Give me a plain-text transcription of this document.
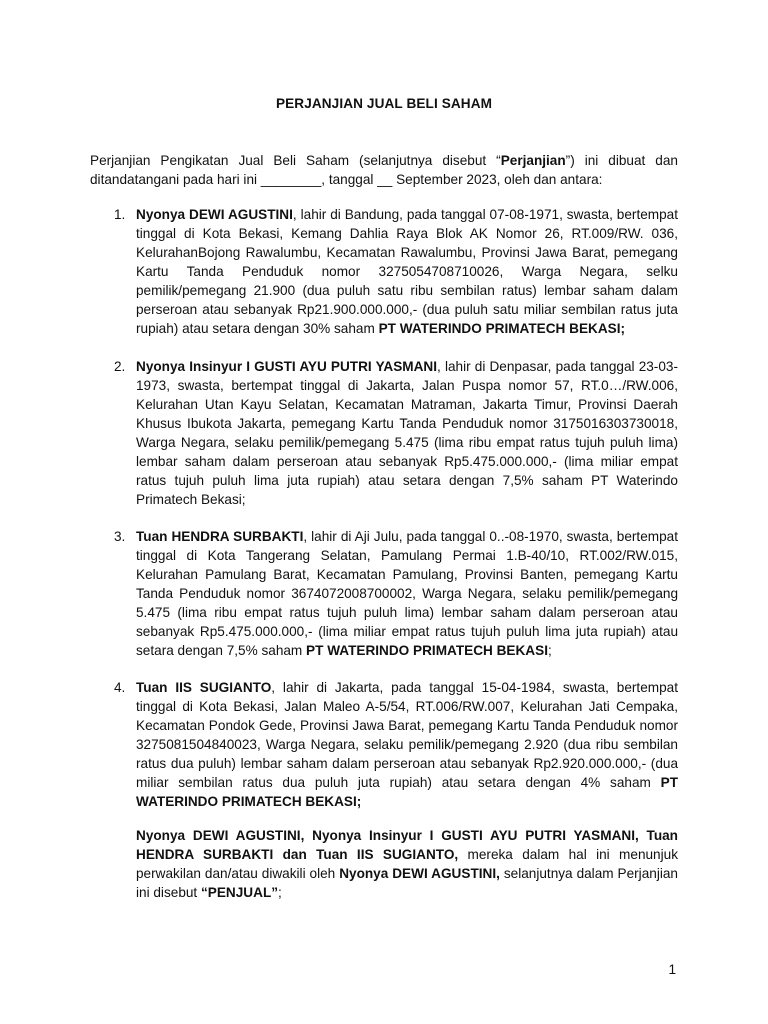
PERJANJIAN JUAL BELI SAHAM

Perjanjian Pengikatan Jual Beli Saham (selanjutnya disebut “Perjanjian”) ini dibuat dan ditandatangani pada hari ini ________, tanggal __ September 2023, oleh dan antara:

1. Nyonya DEWI AGUSTINI, lahir di Bandung, pada tanggal 07-08-1971, swasta, bertempat tinggal di Kota Bekasi, Kemang Dahlia Raya Blok AK Nomor 26, RT.009/RW. 036, KelurahanBojong Rawalumbu, Kecamatan Rawalumbu, Provinsi Jawa Barat, pemegang Kartu Tanda Penduduk nomor 3275054708710026, Warga Negara, selku pemilik/pemegang 21.900 (dua puluh satu ribu sembilan ratus) lembar saham dalam perseroan atau sebanyak Rp21.900.000.000,- (dua puluh satu miliar sembilan ratus juta rupiah) atau setara dengan 30% saham PT WATERINDO PRIMATECH BEKASI;

2. Nyonya Insinyur I GUSTI AYU PUTRI YASMANI, lahir di Denpasar, pada tanggal 23-03-1973, swasta, bertempat tinggal di Jakarta, Jalan Puspa nomor 57, RT.0…/RW.006, Kelurahan Utan Kayu Selatan, Kecamatan Matraman, Jakarta Timur, Provinsi Daerah Khusus Ibukota Jakarta, pemegang Kartu Tanda Penduduk nomor 3175016303730018, Warga Negara, selaku pemilik/pemegang 5.475 (lima ribu empat ratus tujuh puluh lima) lembar saham dalam perseroan atau sebanyak Rp5.475.000.000,- (lima miliar empat ratus tujuh puluh lima juta rupiah) atau setara dengan 7,5% saham PT Waterindo Primatech Bekasi;

3. Tuan HENDRA SURBAKTI, lahir di Aji Julu, pada tanggal 0..-08-1970, swasta, bertempat tinggal di Kota Tangerang Selatan, Pamulang Permai 1.B-40/10, RT.002/RW.015, Kelurahan Pamulang Barat, Kecamatan Pamulang, Provinsi Banten, pemegang Kartu Tanda Penduduk nomor 3674072008700002, Warga Negara, selaku pemilik/pemegang 5.475 (lima ribu empat ratus tujuh puluh lima) lembar saham dalam perseroan atau sebanyak Rp5.475.000.000,- (lima miliar empat ratus tujuh puluh lima juta rupiah) atau setara dengan 7,5% saham PT WATERINDO PRIMATECH BEKASI;

4. Tuan IIS SUGIANTO, lahir di Jakarta, pada tanggal 15-04-1984, swasta, bertempat tinggal di Kota Bekasi, Jalan Maleo A-5/54, RT.006/RW.007, Kelurahan Jati Cempaka, Kecamatan Pondok Gede, Provinsi Jawa Barat, pemegang Kartu Tanda Penduduk nomor 3275081504840023, Warga Negara, selaku pemilik/pemegang 2.920 (dua ribu sembilan ratus dua puluh) lembar saham dalam perseroan atau sebanyak Rp2.920.000.000,- (dua miliar sembilan ratus dua puluh juta rupiah) atau setara dengan 4% saham PT WATERINDO PRIMATECH BEKASI;

Nyonya DEWI AGUSTINI, Nyonya Insinyur I GUSTI AYU PUTRI YASMANI, Tuan HENDRA SURBAKTI dan Tuan IIS SUGIANTO, mereka dalam hal ini menunjuk perwakilan dan/atau diwakili oleh Nyonya DEWI AGUSTINI, selanjutnya dalam Perjanjian ini disebut “PENJUAL”;

1
